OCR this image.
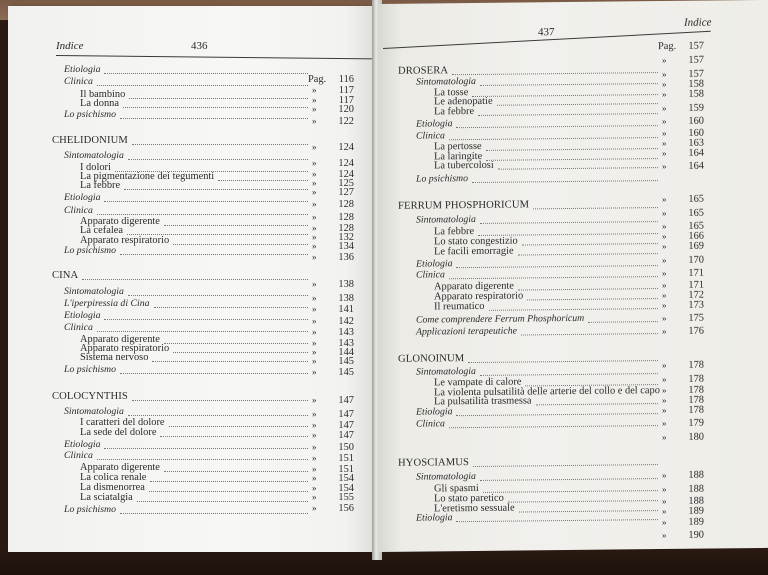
Indice	436
Etiologia
Clinica
Il bambino
La donna
Lo psichismo
CHELIDONIUM
Sintomatologia
I dolori
La pigmentazione dei tegumenti
La febbre
Etiologia
Clinica
Apparato digerente
La cefalea
Apparato respiratorio
Lo psichismo
CINA
Sintomatologia
L'iperpiressia di Cina
Etiologia
Clinica
Apparato digerente
Apparato respiratorio
Sistema nervoso
Lo psichismo
COLOCYNTHIS
Sintomatologia
I caratteri del dolore
La sede del dolore
Etiologia
Clinica
Apparato digerente
La colica renale
La dismenorrea
La sciatalgia
Lo psichismo
Pag. 116
» 117
» 117
» 120
» 122
» 124
» 124
» 124
» 125
» 127
» 128
» 128
» 128
» 132
» 134
» 136
» 138
» 138
» 141
» 142
» 143
» 143
» 144
» 145
» 145
» 147
» 147
» 147
» 147
» 150
» 151
» 151
» 154
» 154
» 155
» 156
437
Indice
DROSERA
Sintomatologia
La tosse
Le adenopatie
La febbre
Etiologia
Clinica
La pertosse
La laringite
La tubercolosi
Lo psichismo
FERRUM PHOSPHORICUM
Sintomatologia
La febbre
Lo stato congestizio
Le facili emorragie
Etiologia
Clinica
Apparato digerente
Apparato respiratorio
Il reumatico
Come comprendere Ferrum Phosphoricum
Applicazioni terapeutiche
GLONOINUM
Sintomatologia
Le vampate di calore
La violenta pulsatilità delle arterie del collo e del capo
La pulsatilità trasmessa
Etiologia
Clinica
HYOSCIAMUS
Sintomatologia
Gli spasmi
Lo stato paretico
L'eretismo sessuale
Etiologia
Pag. 157
» 157
» 157
» 158
» 158
» 159
» 160
» 160
» 163
» 164
» 164
» 165
» 165
» 165
» 166
» 169
» 170
» 171
» 171
» 172
» 173
» 175
» 176
» 178
» 178
» 178
» 178
» 178
» 179
» 180
» 188
» 188
» 188
» 189
» 189
» 190
